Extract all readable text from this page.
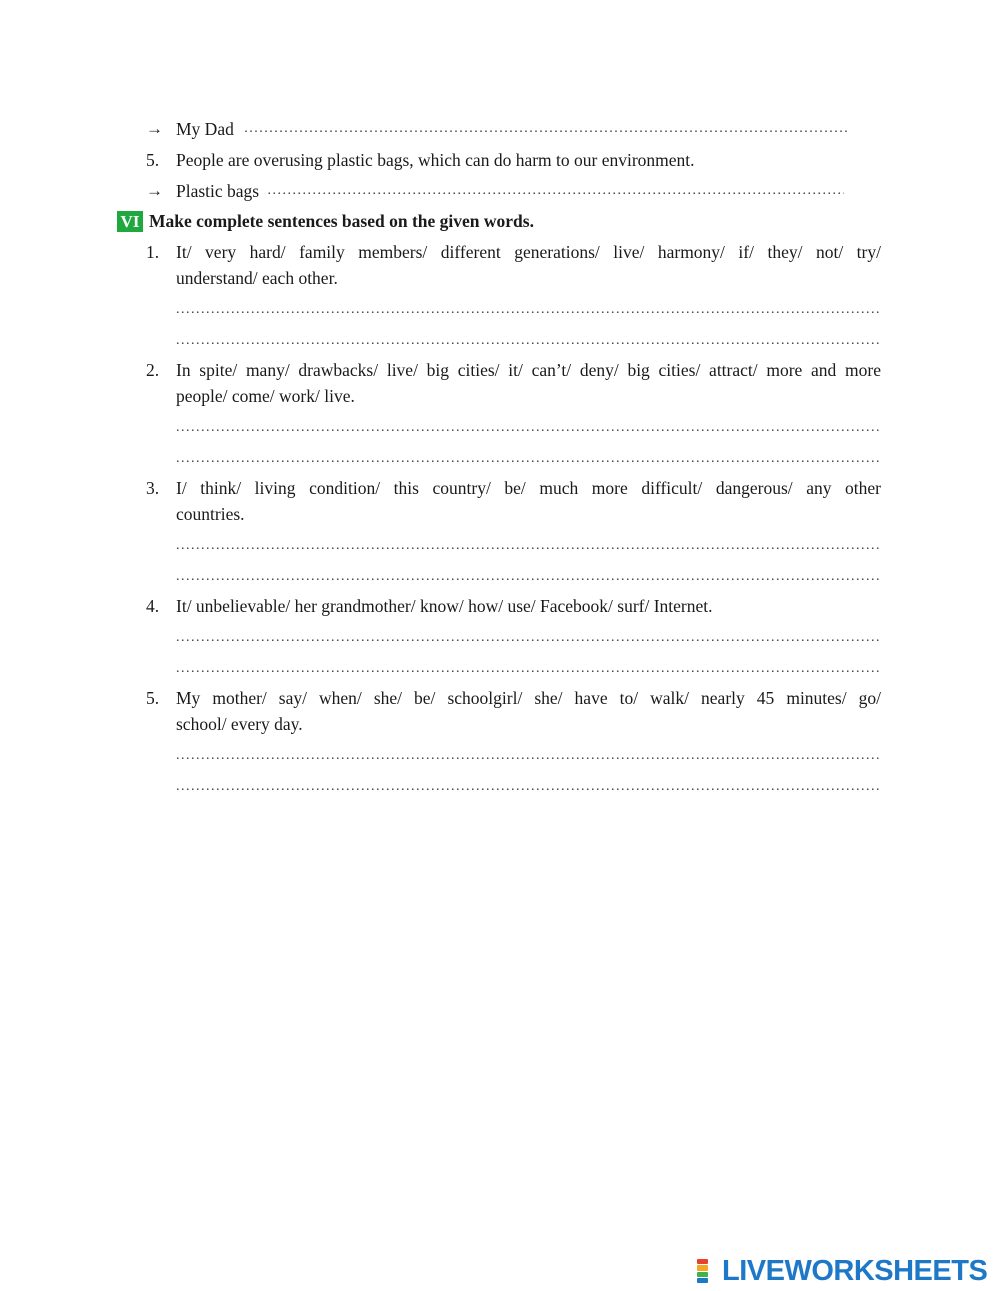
→ My Dad .....
5. People are overusing plastic bags, which can do harm to our environment.
→ Plastic bags .....
VI Make complete sentences based on the given words.
1. It/ very hard/ family members/ different generations/ live/ harmony/ if/ they/ not/ try/
understand/ each other.
.....
.....
2. In spite/ many/ drawbacks/ live/ big cities/ it/ can’t/ deny/ big cities/ attract/ more and more
people/ come/ work/ live.
.....
.....
3. I/ think/ living condition/ this country/ be/ much more difficult/ dangerous/ any other
countries.
.....
.....
4. It/ unbelievable/ her grandmother/ know/ how/ use/ Facebook/ surf/ Internet.
.....
.....
5. My mother/ say/ when/ she/ be/ schoolgirl/ she/ have to/ walk/ nearly 45 minutes/ go/
school/ every day.
.....
.....
LIVEWORKSHEETS
